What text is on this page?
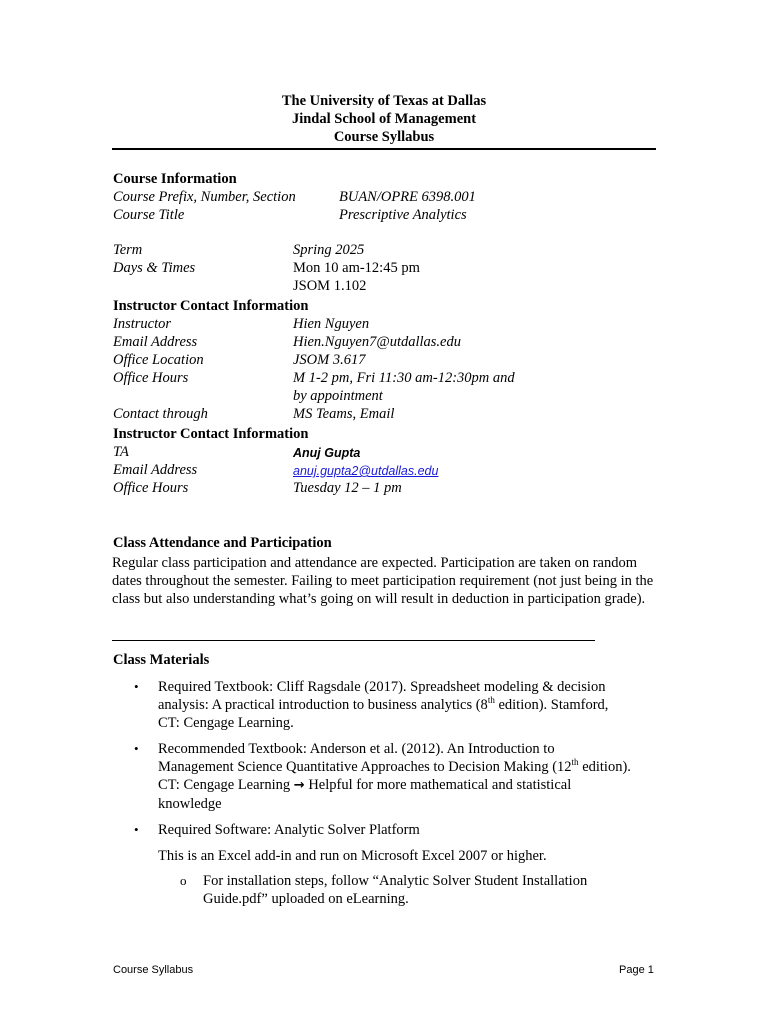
The University of Texas at Dallas
Jindal School of Management
Course Syllabus
Course Information
Course Prefix, Number, Section	BUAN/OPRE 6398.001
Course Title	Prescriptive Analytics
Term	Spring 2025
Days & Times	Mon 10 am-12:45 pm
JSOM 1.102
Instructor Contact Information
Instructor	Hien Nguyen
Email Address	Hien.Nguyen7@utdallas.edu
Office Location	JSOM 3.617
Office Hours	M 1-2 pm, Fri 11:30 am-12:30pm and
by appointment
Contact through	MS Teams, Email
Instructor Contact Information
TA	Anuj Gupta
Email Address	anuj.gupta2@utdallas.edu
Office Hours	Tuesday 12 – 1 pm
Class Attendance and Participation
Regular class participation and attendance are expected. Participation are taken on random dates throughout the semester. Failing to meet participation requirement (not just being in the class but also understanding what’s going on will result in deduction in participation grade).
Class Materials
• Required Textbook: Cliff Ragsdale (2017). Spreadsheet modeling & decision
analysis: A practical introduction to business analytics (8th edition). Stamford,
CT: Cengage Learning.
• Recommended Textbook: Anderson et al. (2012). An Introduction to
Management Science Quantitative Approaches to Decision Making (12th edition).
CT: Cengage Learning → Helpful for more mathematical and statistical
knowledge
• Required Software: Analytic Solver Platform
This is an Excel add-in and run on Microsoft Excel 2007 or higher.
o For installation steps, follow “Analytic Solver Student Installation
Guide.pdf” uploaded on eLearning.
Course Syllabus	Page 1
